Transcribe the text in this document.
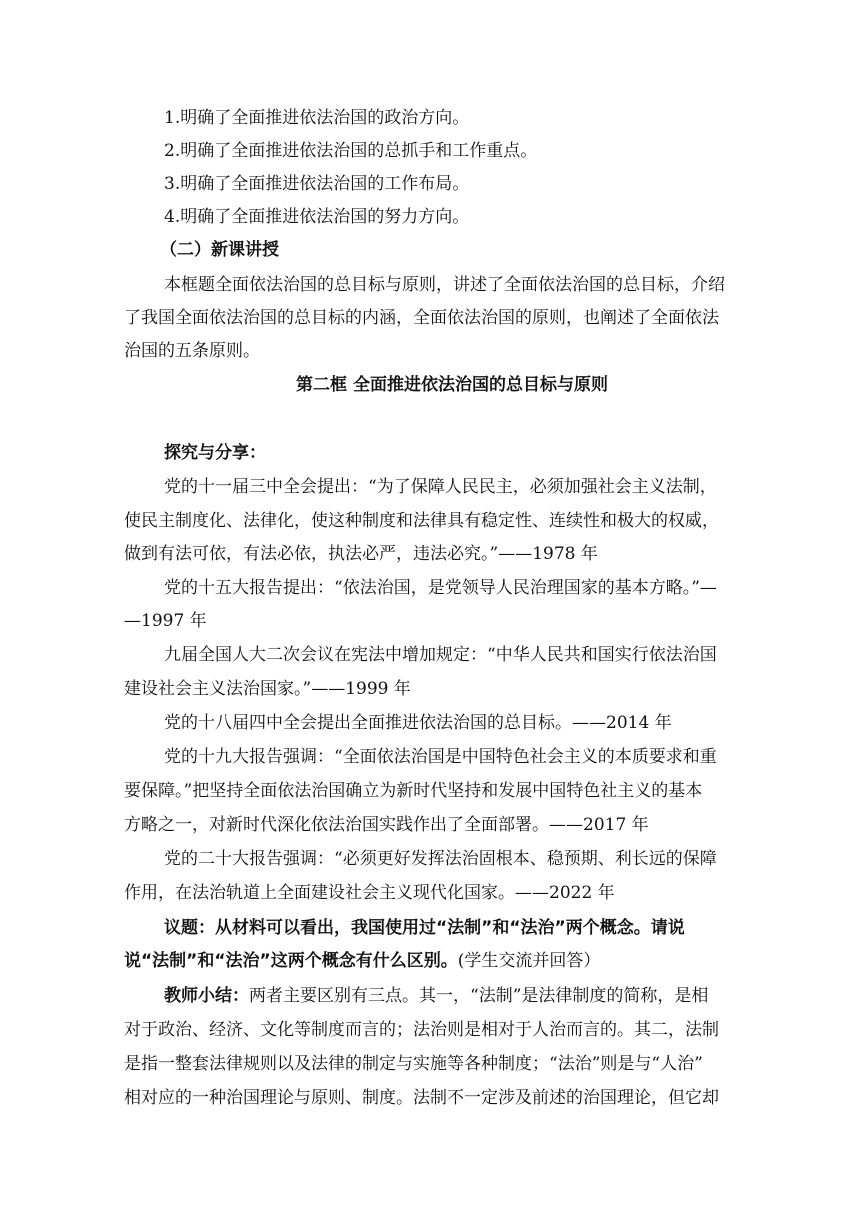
1.明确了全面推进依法治国的政治方向。
2.明确了全面推进依法治国的总抓手和工作重点。
3.明确了全面推进依法治国的工作布局。
4.明确了全面推进依法治国的努力方向。
（二）新课讲授
本框题全面依法治国的总目标与原则，讲述了全面依法治国的总目标，介绍
了我国全面依法治国的总目标的内涵，全面依法治国的原则，也阐述了全面依法
治国的五条原则。
第二框 全面推进依法治国的总目标与原则
探究与分享：
党的十一届三中全会提出：“为了保障人民民主，必须加强社会主义法制，
使民主制度化、法律化，使这种制度和法律具有稳定性、连续性和极大的权威，
做到有法可依，有法必依，执法必严，违法必究。”——1978 年
党的十五大报告提出：“依法治国，是党领导人民治理国家的基本方略。”—
—1997 年
九届全国人大二次会议在宪法中增加规定：“中华人民共和国实行依法治国
建设社会主义法治国家。”——1999 年
党的十八届四中全会提出全面推进依法治国的总目标。——2014 年
党的十九大报告强调：“全面依法治国是中国特色社会主义的本质要求和重
要保障。”把坚持全面依法治国确立为新时代坚持和发展中国特色社主义的基本
方略之一，对新时代深化依法治国实践作出了全面部署。——2017 年
党的二十大报告强调：“必须更好发挥法治固根本、稳预期、利长远的保障
作用，在法治轨道上全面建设社会主义现代化国家。——2022 年
议题：从材料可以看出，我国使用过“法制”和“法治”两个概念。请说
说“法制”和“法治”这两个概念有什么区别。(学生交流并回答）
教师小结：两者主要区别有三点。其一，“法制”是法律制度的简称，是相
对于政治、经济、文化等制度而言的；法治则是相对于人治而言的。其二，法制
是指一整套法律规则以及法律的制定与实施等各种制度；“法治”则是与“人治”
相对应的一种治国理论与原则、制度。法制不一定涉及前述的治国理论，但它却
